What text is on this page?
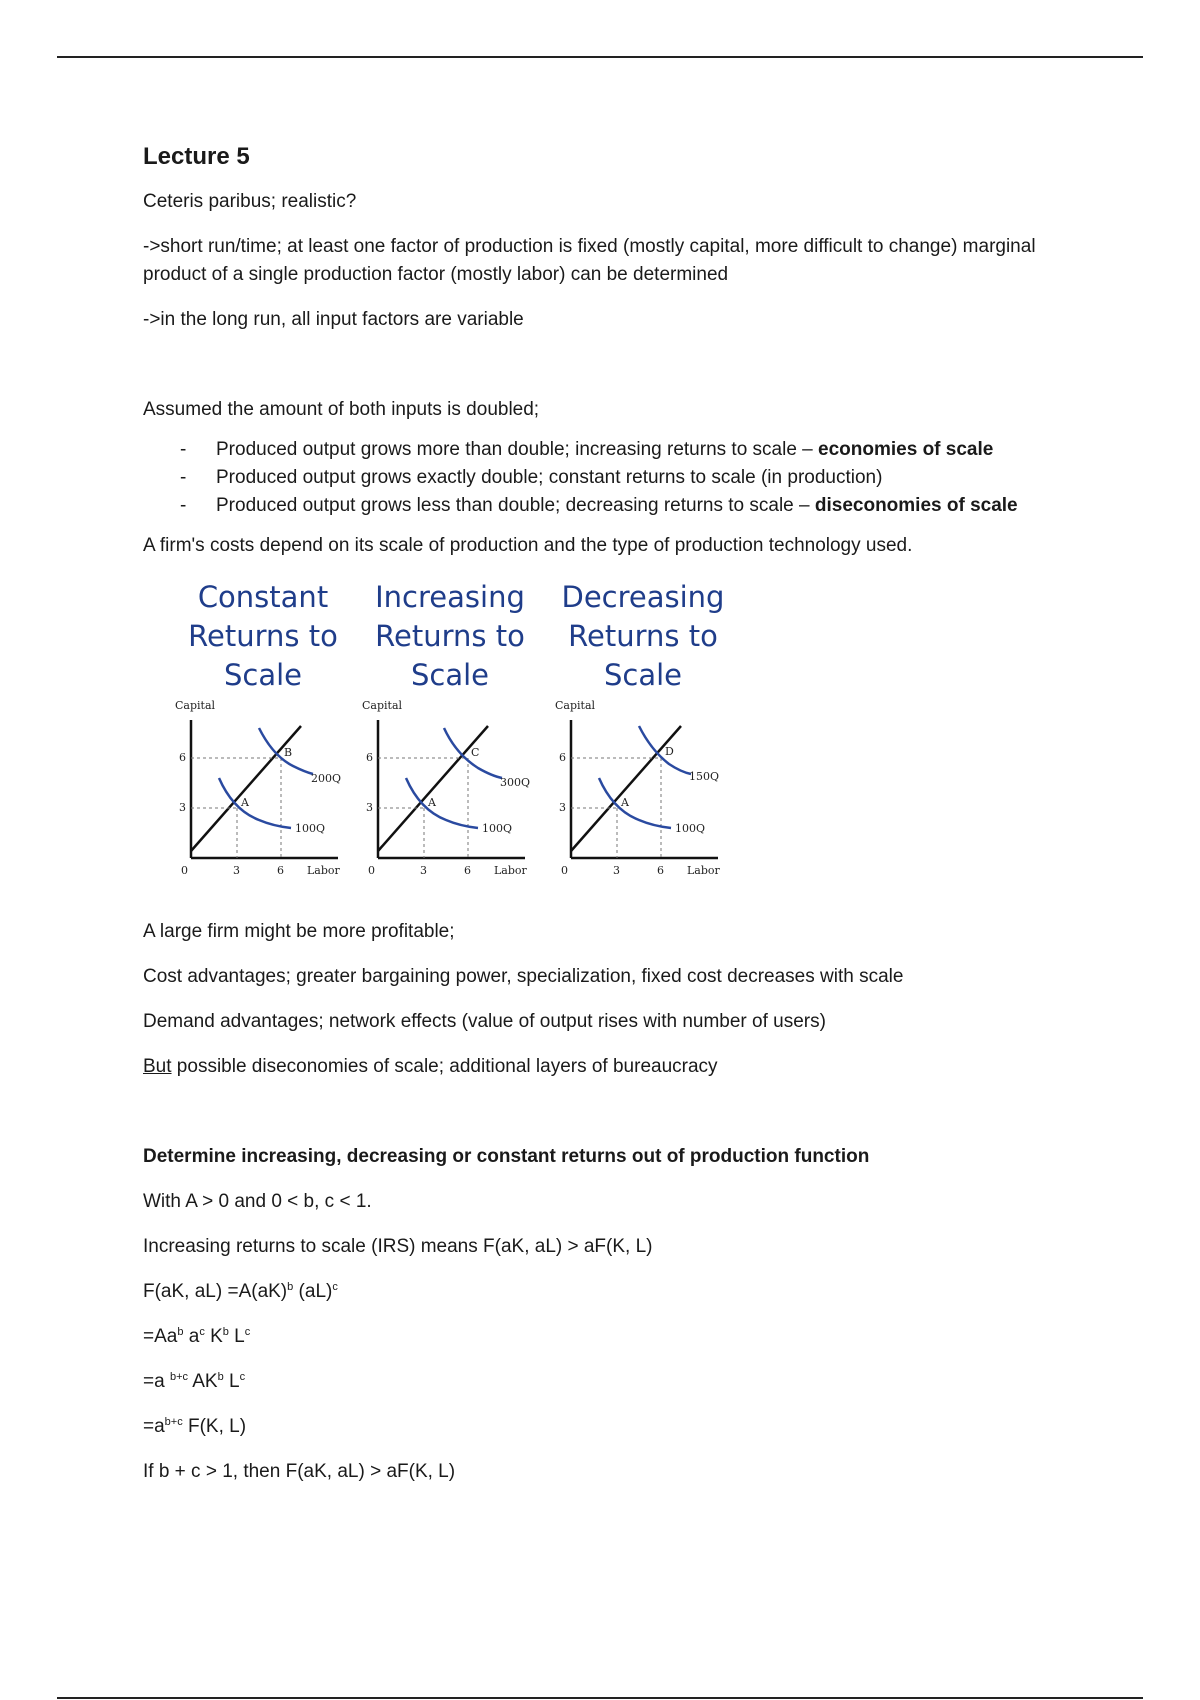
Lecture 5

Ceteris paribus; realistic?

->short run/time; at least one factor of production is fixed (mostly capital, more difficult to change) marginal product of a single production factor (mostly labor) can be determined

->in the long run, all input factors are variable

Assumed the amount of both inputs is doubled;

- Produced output grows more than double; increasing returns to scale – economies of scale
- Produced output grows exactly double; constant returns to scale (in production)
- Produced output grows less than double; decreasing returns to scale – diseconomies of scale

A firm's costs depend on its scale of production and the type of production technology used.

Constant
Returns to
Scale
Capital
A
B
200Q
100Q
6
3
0	3	6 Labor
Increasing
Returns to
Scale
Capital
A
C
300Q
100Q
6
3
0	3	6 Labor
Decreasing
Returns to
Scale
Capital
A
D
150Q
100Q
6
3
0	3	6 Labor

A large firm might be more profitable;

Cost advantages; greater bargaining power, specialization, fixed cost decreases with scale

Demand advantages; network effects (value of output rises with number of users)

But possible diseconomies of scale; additional layers of bureaucracy

Determine increasing, decreasing or constant returns out of production function

With A > 0 and 0 < b, c < 1.

Increasing returns to scale (IRS) means F(aK, aL) > aF(K, L)

F(aK, aL) =A(aK)$^b$ (aL)$^c$

$=Aa^b$ $a^c$ $K^b$ $L^c$

=a $^{b+c}$ $AK^b$ $L^c$

$=a^{b+c}$ F(K, L)

If b + c > 1, then F(aK, aL) > aF(K, L)
